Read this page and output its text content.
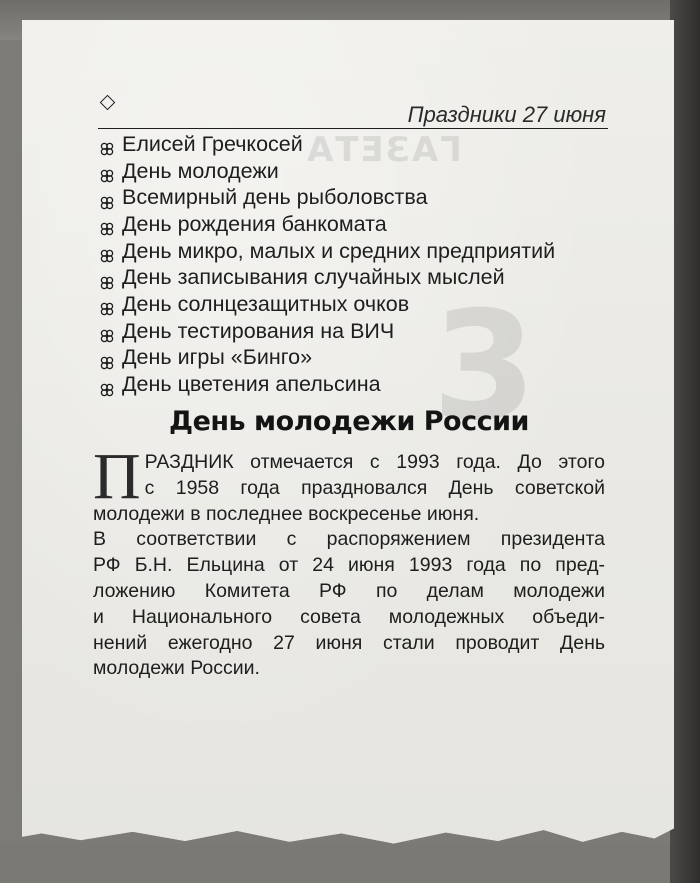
3
ГАЗЕТА
Праздники 27 июня
Елисей Гречкосей
День молодежи
Всемирный день рыболовства
День рождения банкомата
День микро, малых и средних предприятий
День записывания случайных мыслей
День солнцезащитных очков
День тестирования на ВИЧ
День игры «Бинго»
День цветения апельсина
День молодежи России
П РАЗДНИК отмечается с 1993 года. До этого
с 1958 года праздновался День советской
молодежи в последнее воскресенье июня.
В соответствии с распоряжением президента
РФ Б.Н. Ельцина от 24 июня 1993 года по пред-
ложению Комитета РФ по делам молодежи
и Национального совета молодежных объеди-
нений ежегодно 27 июня стали проводит День
молодежи России.
